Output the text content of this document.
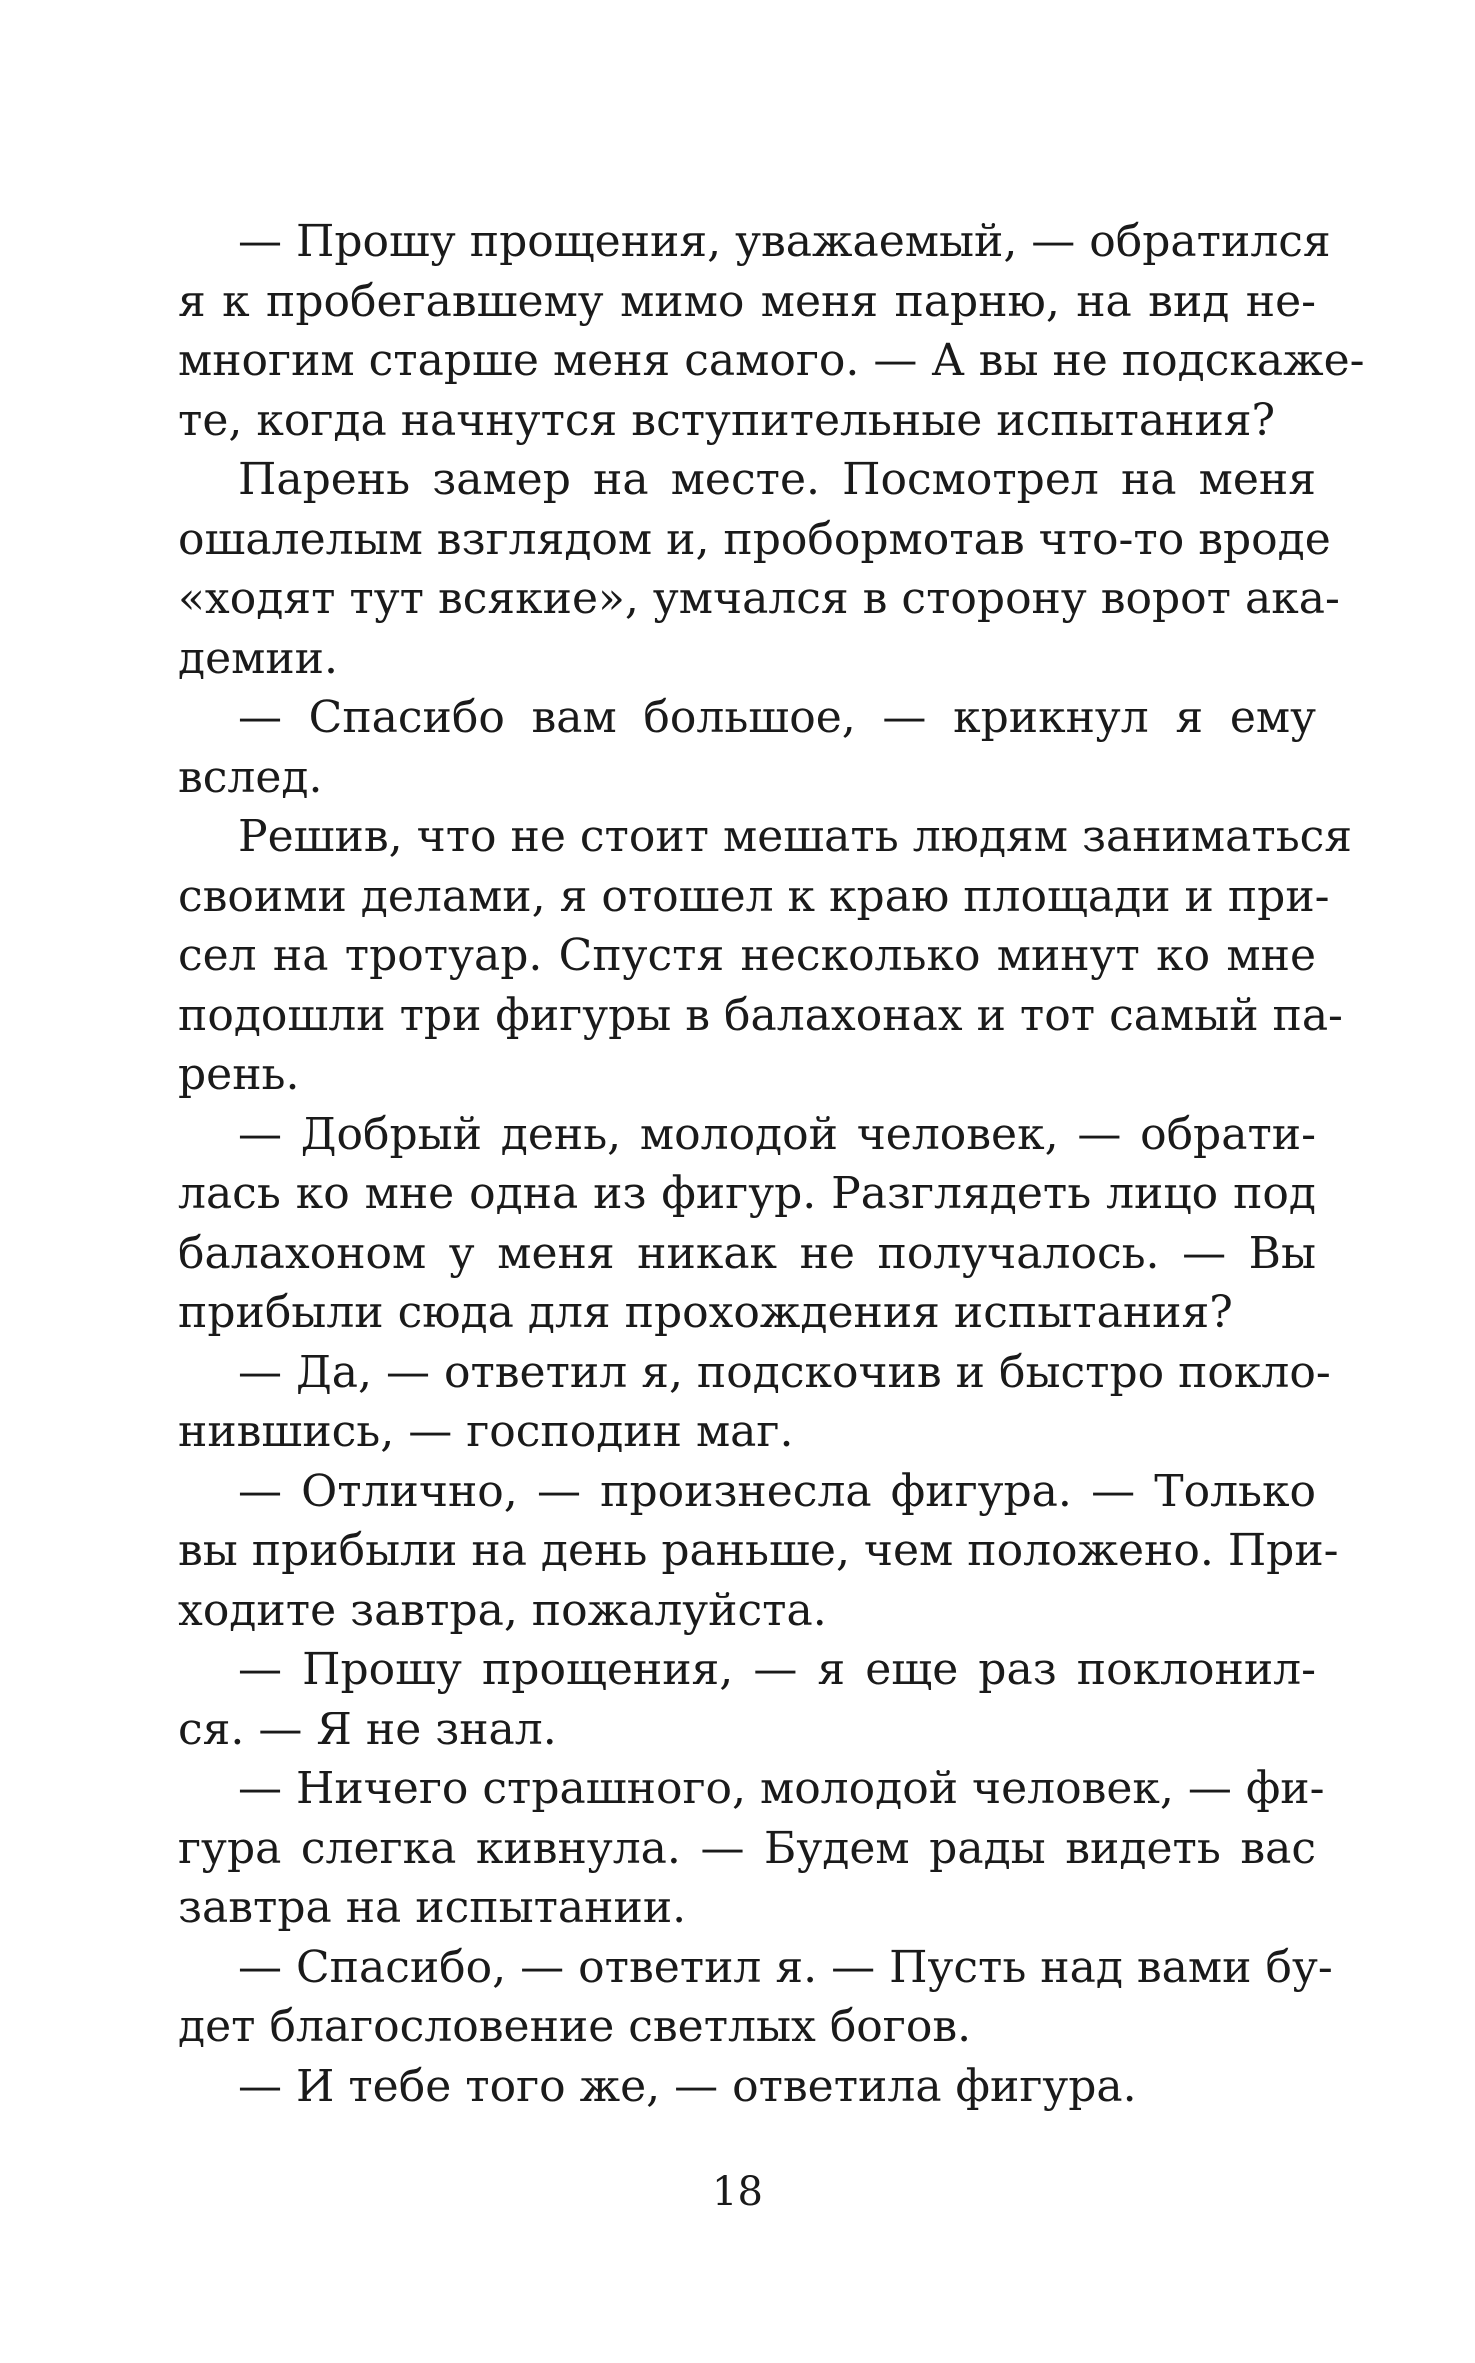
— Прошу прощения, уважаемый, — обратился
я к пробегавшему мимо меня парню, на вид не-
многим старше меня самого. — А вы не подскаже-
те, когда начнутся вступительные испытания?
Парень замер на месте. Посмотрел на меня
ошалелым взглядом и, пробормотав что-то вроде
«ходят тут всякие», умчался в сторону ворот ака-
демии.
— Спасибо вам большое, — крикнул я ему
вслед.
Решив, что не стоит мешать людям заниматься
своими делами, я отошел к краю площади и при-
сел на тротуар. Спустя несколько минут ко мне
подошли три фигуры в балахонах и тот самый па-
рень.
— Добрый день, молодой человек, — обрати-
лась ко мне одна из фигур. Разглядеть лицо под
балахоном у меня никак не получалось. — Вы
прибыли сюда для прохождения испытания?
— Да, — ответил я, подскочив и быстро покло-
нившись, — господин маг.
— Отлично, — произнесла фигура. — Только
вы прибыли на день раньше, чем положено. При-
ходите завтра, пожалуйста.
— Прошу прощения, — я еще раз поклонил-
ся. — Я не знал.
— Ничего страшного, молодой человек, — фи-
гура слегка кивнула. — Будем рады видеть вас
завтра на испытании.
— Спасибо, — ответил я. — Пусть над вами бу-
дет благословение светлых богов.
— И тебе того же, — ответила фигура.
18
